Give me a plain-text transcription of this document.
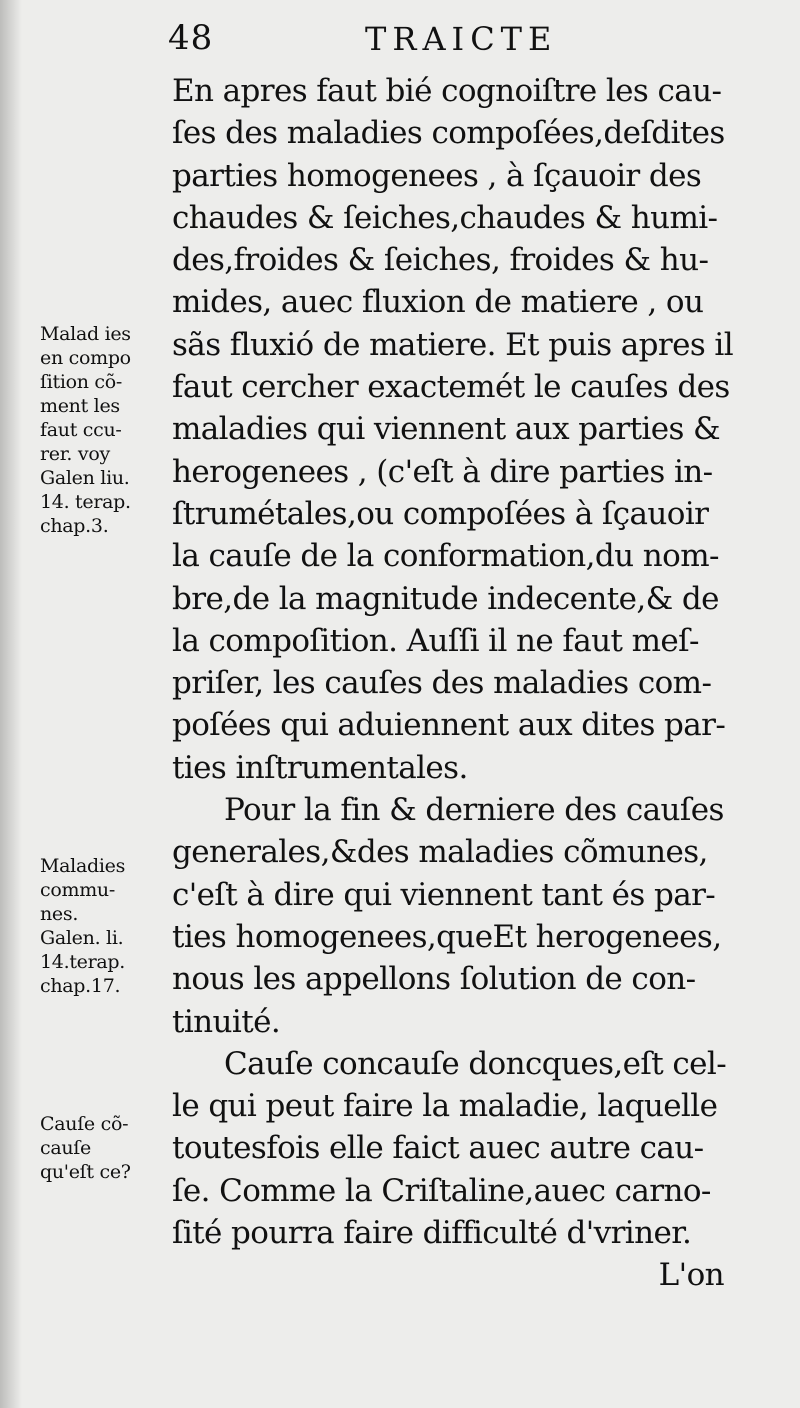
48	TRAICTE
En apres faut bié cognoiſtre les cau-
ſes des maladies compoſées,deſdites
parties homogenees , à ſçauoir des
chaudes & ſeiches,chaudes & humi-
des,froides & ſeiches, froides & hu-
mides, auec fluxion de matiere , ou
sãs fluxió de matiere. Et puis apres il
faut cercher exactemét le cauſes des
maladies qui viennent aux parties &
herogenees , (c'eſt à dire parties in-
ſtrumétales,ou compoſées à ſçauoir
la cauſe de la conformation,du nom-
bre,de la magnitude indecente,& de
la compoſition. Auſſi il ne faut meſ-
priſer, les cauſes des maladies com-
poſées qui aduiennent aux dites par-
ties inſtrumentales.
Pour la fin & derniere des cauſes
generales,&des maladies cõmunes,
c'eſt à dire qui viennent tant és par-
ties homogenees,queEt herogenees,
nous les appellons ſolution de con-
tinuité.
Cauſe concauſe doncques,eſt cel-
le qui peut faire la maladie, laquelle
toutesfois elle faict auec autre cau-
ſe. Comme la Criſtaline,auec carno-
ſité pourra faire difficulté d'vriner.
L'on
Malad ies
en compo
ſition cõ-
ment les
faut ccu-
rer. voy
Galen liu.
14. terap.
chap.3.
Maladies
commu-
nes.
Galen. li.
14.terap.
chap.17.
Cauſe cõ-
cauſe
qu'eſt ce?
